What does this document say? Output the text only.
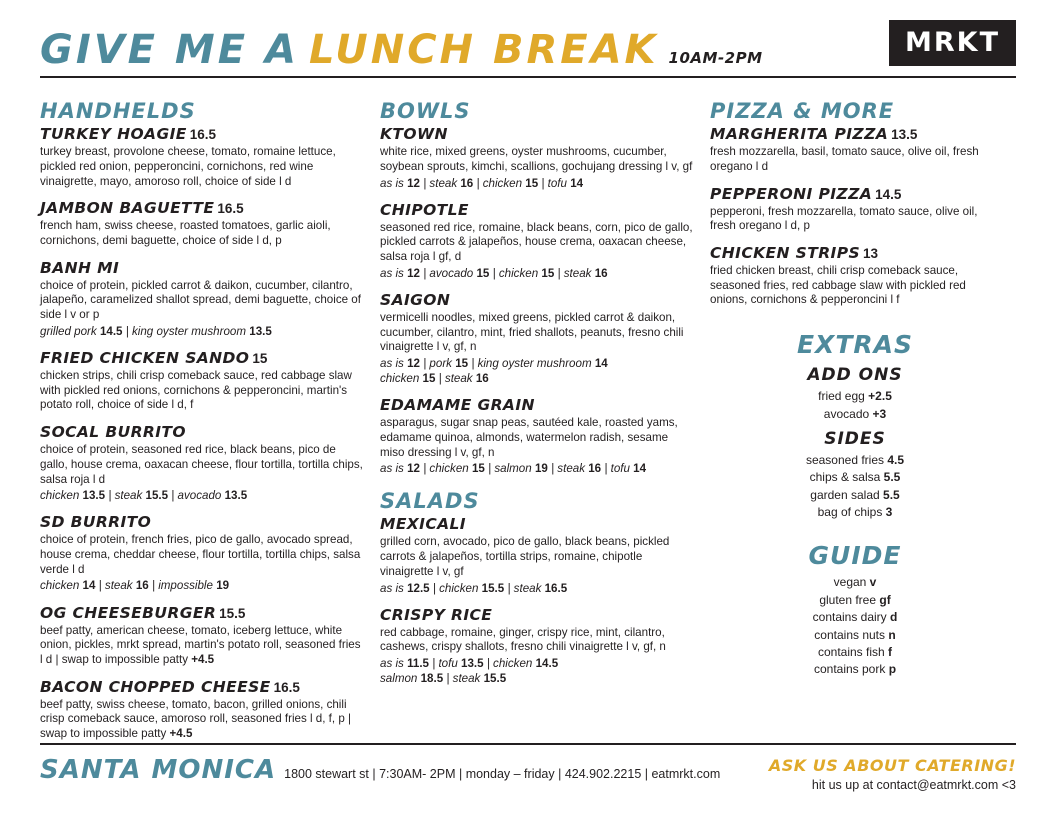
GIVE ME A LUNCH BREAK 10AM-2PM	MRKT
HANDHELDS
TURKEY HOAGIE 16.5
turkey breast, provolone cheese, tomato, romaine lettuce, pickled red onion, pepperoncini, cornichons, red wine vinaigrette, mayo, amoroso roll, choice of side l d
JAMBON BAGUETTE 16.5
french ham, swiss cheese, roasted tomatoes, garlic aioli, cornichons, demi baguette, choice of side l d, p
BANH MI
choice of protein, pickled carrot & daikon, cucumber, cilantro, jalapeño, caramelized shallot spread, demi baguette, choice of side l v or p
grilled pork 14.5 | king oyster mushroom 13.5
FRIED CHICKEN SANDO 15
chicken strips, chili crisp comeback sauce, red cabbage slaw with pickled red onions, cornichons & pepperoncini, martin's potato roll, choice of side l d, f
SOCAL BURRITO
choice of protein, seasoned red rice, black beans, pico de gallo, house crema, oaxacan cheese, flour tortilla, tortilla chips, salsa roja l d
chicken 13.5 | steak 15.5 | avocado 13.5
SD BURRITO
choice of protein, french fries, pico de gallo, avocado spread, house crema, cheddar cheese, flour tortilla, tortilla chips, salsa verde l d
chicken 14 | steak 16 | impossible 19
OG CHEESEBURGER 15.5
beef patty, american cheese, tomato, iceberg lettuce, white onion, pickles, mrkt spread, martin's potato roll, seasoned fries l d | swap to impossible patty +4.5
BACON CHOPPED CHEESE 16.5
beef patty, swiss cheese, tomato, bacon, grilled onions, chili crisp comeback sauce, amoroso roll, seasoned fries l d, f, p | swap to impossible patty +4.5
BOWLS
KTOWN
white rice, mixed greens, oyster mushrooms, cucumber, soybean sprouts, kimchi, scallions, gochujang dressing l v, gf
as is 12 | steak 16 | chicken 15 | tofu 14
CHIPOTLE
seasoned red rice, romaine, black beans, corn, pico de gallo, pickled carrots & jalapeños, house crema, oaxacan cheese, salsa roja l gf, d
as is 12 | avocado 15 | chicken 15 | steak 16
SAIGON
vermicelli noodles, mixed greens, pickled carrot & daikon, cucumber, cilantro, mint, fried shallots, peanuts, fresno chili vinaigrette l v, gf, n
as is 12 | pork 15 | king oyster mushroom 14
chicken 15 | steak 16
EDAMAME GRAIN
asparagus, sugar snap peas, sautéed kale, roasted yams, edamame quinoa, almonds, watermelon radish, sesame miso dressing l v, gf, n
as is 12 | chicken 15 | salmon 19 | steak 16 | tofu 14
SALADS
MEXICALI
grilled corn, avocado, pico de gallo, black beans, pickled carrots & jalapeños, tortilla strips, romaine, chipotle vinaigrette l v, gf
as is 12.5 | chicken 15.5 | steak 16.5
CRISPY RICE
red cabbage, romaine, ginger, crispy rice, mint, cilantro, cashews, crispy shallots, fresno chili vinaigrette l v, gf, n
as is 11.5 | tofu 13.5 | chicken 14.5
salmon 18.5 | steak 15.5
PIZZA & MORE
MARGHERITA PIZZA 13.5
fresh mozzarella, basil, tomato sauce, olive oil, fresh oregano l d
PEPPERONI PIZZA 14.5
pepperoni, fresh mozzarella, tomato sauce, olive oil, fresh oregano l d, p
CHICKEN STRIPS 13
fried chicken breast, chili crisp comeback sauce, seasoned fries, red cabbage slaw with pickled red onions, cornichons & pepperoncini l f
EXTRAS
ADD ONS
fried egg +2.5
avocado +3
SIDES
seasoned fries 4.5
chips & salsa 5.5
garden salad 5.5
bag of chips 3
GUIDE
vegan v
gluten free gf
contains dairy d
contains nuts n
contains fish f
contains pork p
SANTA MONICA 1800 stewart st | 7:30AM- 2PM | monday – friday | 424.902.2215 | eatmrkt.com	ASK US ABOUT CATERING!
hit us up at contact@eatmrkt.com <3
